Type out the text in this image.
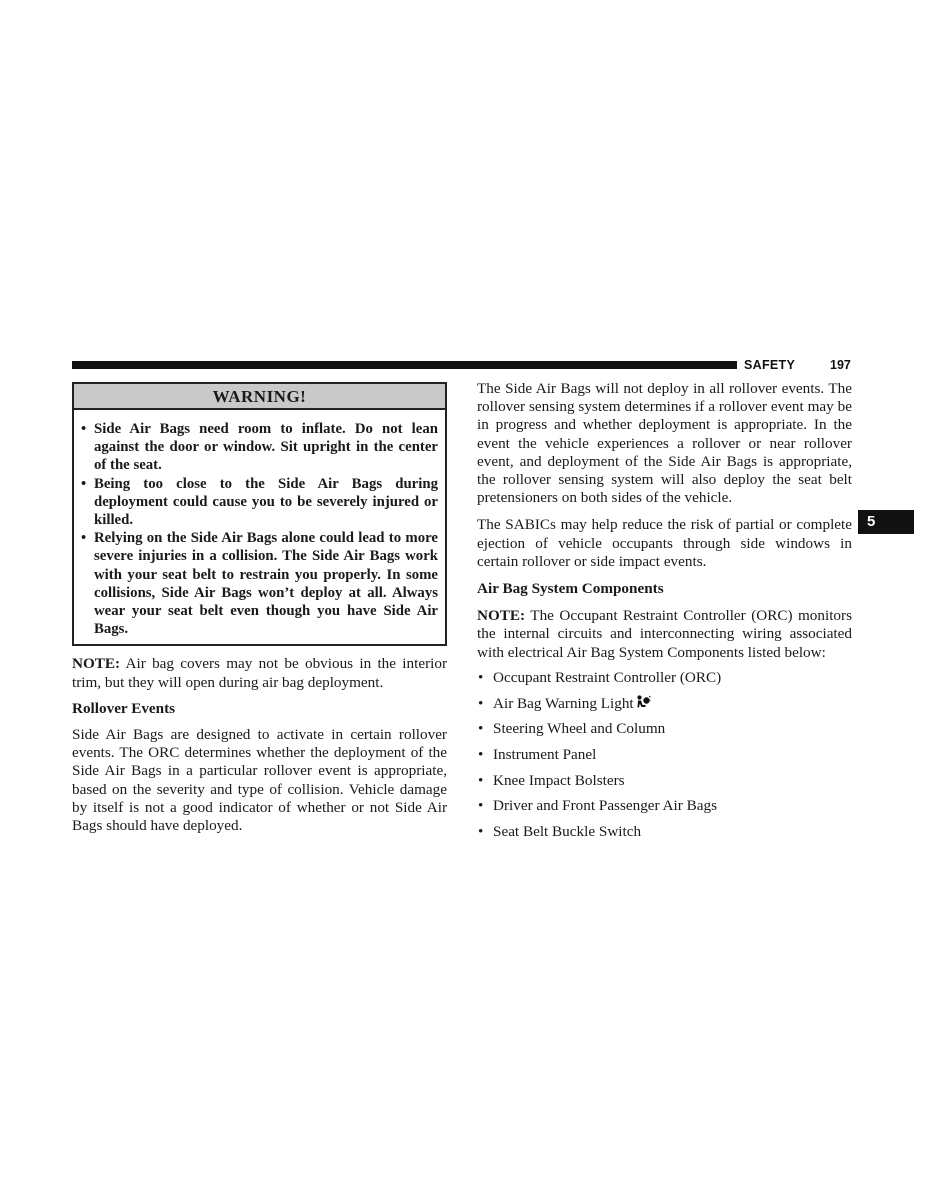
SAFETY	197
5
WARNING!
• Side Air Bags need room to inflate. Do not lean against the door or window. Sit upright in the center of the seat.
• Being too close to the Side Air Bags during deployment could cause you to be severely injured or killed.
• Relying on the Side Air Bags alone could lead to more severe injuries in a collision. The Side Air Bags work with your seat belt to restrain you properly. In some collisions, Side Air Bags won’t deploy at all. Always wear your seat belt even though you have Side Air Bags.

NOTE: Air bag covers may not be obvious in the interior trim, but they will open during air bag deployment.

Rollover Events

Side Air Bags are designed to activate in certain rollover events. The ORC determines whether the deployment of the Side Air Bags in a particular rollover event is appropriate, based on the severity and type of collision. Vehicle damage by itself is not a good indicator of whether or not Side Air Bags should have deployed.

The Side Air Bags will not deploy in all rollover events. The rollover sensing system determines if a rollover event may be in progress and whether deployment is appropriate. In the event the vehicle experiences a rollover or near rollover event, and deployment of the Side Air Bags is appropriate, the rollover sensing system will also deploy the seat belt pretensioners on both sides of the vehicle.

The SABICs may help reduce the risk of partial or complete ejection of vehicle occupants through side windows in certain rollover or side impact events.

Air Bag System Components

NOTE: The Occupant Restraint Controller (ORC) monitors the internal circuits and interconnecting wiring associated with electrical Air Bag System Components listed below:

• Occupant Restraint Controller (ORC)
• Air Bag Warning Light
• Steering Wheel and Column
• Instrument Panel
• Knee Impact Bolsters
• Driver and Front Passenger Air Bags
• Seat Belt Buckle Switch
